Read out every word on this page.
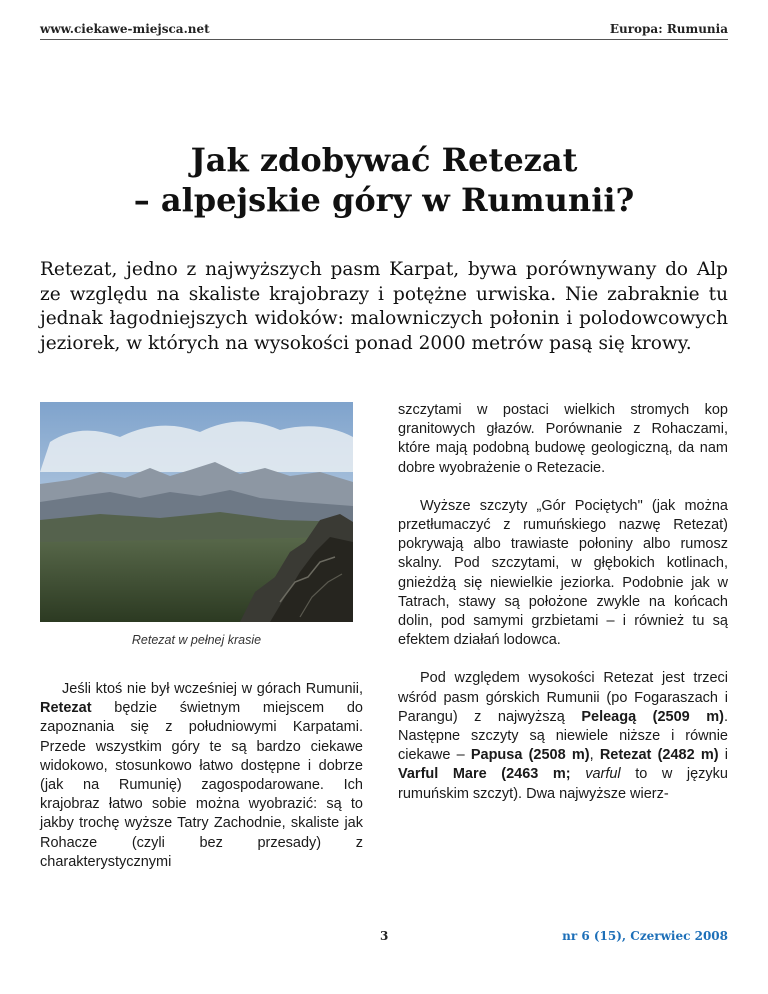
www.ciekawe-miejsca.net	Europa: Rumunia
Jak zdobywać Retezat
– alpejskie góry w Rumunii?
Retezat, jedno z najwyższych pasm Karpat, bywa porównywany do Alp ze względu na skaliste krajobrazy i potężne urwiska. Nie zabraknie tu jednak łagodniejszych widoków: malowniczych połonin i polodowcowych jeziorek, w których na wysokości ponad 2000 metrów pasą się krowy.
Retezat w pełnej krasie

Jeśli ktoś nie był wcześniej w górach Rumunii, Retezat będzie świetnym miejscem do zapoznania się z południowymi Karpatami. Przede wszystkim góry te są bardzo ciekawe widokowo, stosunkowo łatwo dostępne i dobrze (jak na Rumunię) zagospodarowane. Ich krajobraz łatwo sobie można wyobrazić: są to jakby trochę wyższe Tatry Zachodnie, skaliste jak Rohacze (czyli bez przesady) z charakterystycznymi

szczytami w postaci wielkich stromych kop granitowych głazów. Porównanie z Rohaczami, które mają podobną budowę geologiczną, da nam dobre wyobrażenie o Retezacie.

Wyższe szczyty „Gór Pociętych" (jak można przetłumaczyć z rumuńskiego nazwę Retezat) pokrywają albo trawiaste połoniny albo rumosz skalny. Pod szczytami, w głębokich kotlinach, gnieżdżą się niewielkie jeziorka. Podobnie jak w Tatrach, stawy są położone zwykle na końcach dolin, pod samymi grzbietami – i również tu są efektem działań lodowca.

Pod względem wysokości Retezat jest trzeci wśród pasm górskich Rumunii (po Fogaraszach i Parangu) z najwyższą Peleagą (2509 m). Następne szczyty są niewiele niższe i równie ciekawe – Papusa (2508 m), Retezat (2482 m) i Varful Mare (2463 m; varful to w języku rumuńskim szczyt). Dwa najwyższe wierz-

3	nr 6 (15), Czerwiec 2008
